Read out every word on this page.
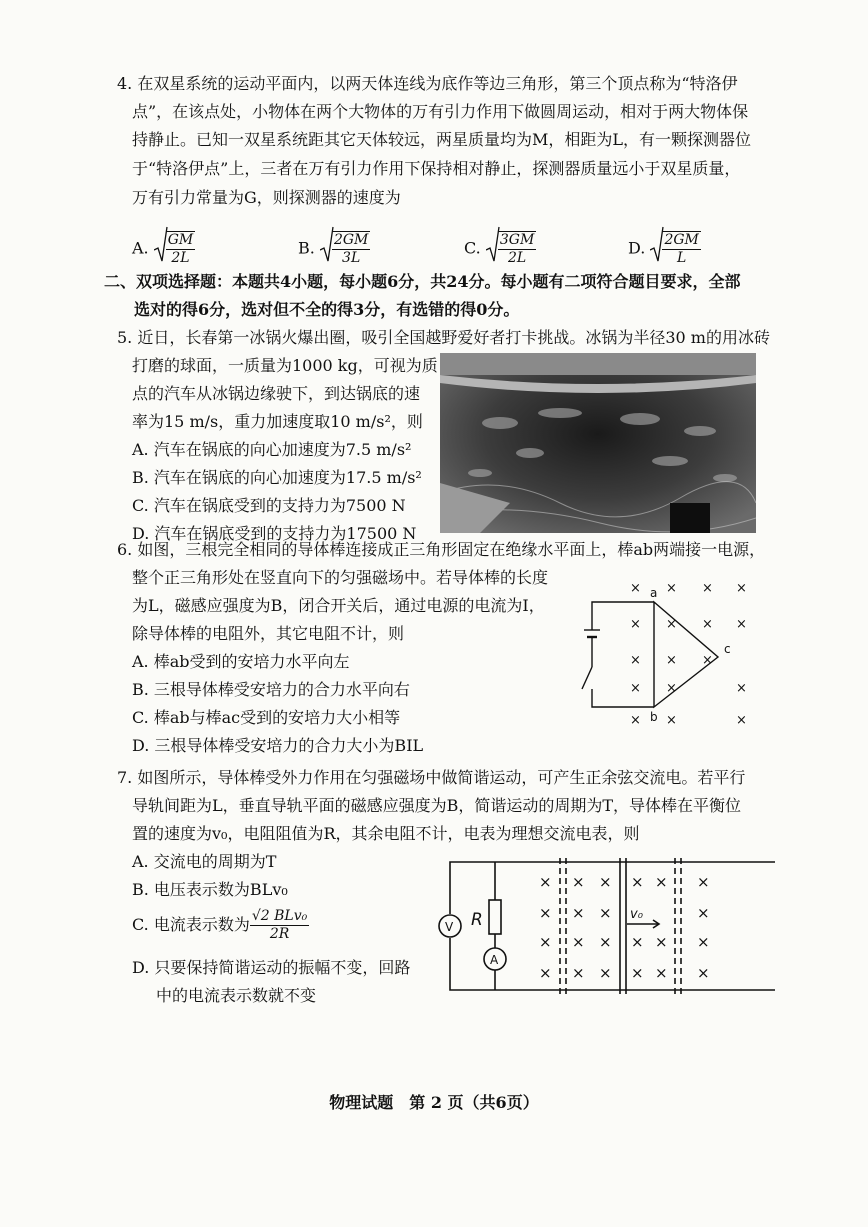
4. 在双星系统的运动平面内，以两天体连线为底作等边三角形，第三个顶点称为“特洛伊
点”，在该点处，小物体在两个大物体的万有引力作用下做圆周运动，相对于两大物体保
持静止。已知一双星系统距其它天体较远，两星质量均为M，相距为L，有一颗探测器位
于“特洛伊点”上，三者在万有引力作用下保持相对静止，探测器质量远小于双星质量，
万有引力常量为G，则探测器的速度为
A. $\frac{GM}{2L}$	B. $\frac{2GM}{3L}$	C. $\frac{3GM}{2L}$	D. $\frac{2GM}{L}$
二、双项选择题：本题共4小题，每小题6分，共24分。每小题有二项符合题目要求，全部
选对的得6分，选对但不全的得3分，有选错的得0分。
5. 近日，长春第一冰锅火爆出圈，吸引全国越野爱好者打卡挑战。冰锅为半径30 m的用冰砖
打磨的球面，一质量为1000 kg，可视为质
点的汽车从冰锅边缘驶下，到达锅底的速
率为15 m/s，重力加速度取10 m/s²，则
A. 汽车在锅底的向心加速度为7.5 m/s²
B. 汽车在锅底的向心加速度为17.5 m/s²
C. 汽车在锅底受到的支持力为7500 N
D. 汽车在锅底受到的支持力为17500 N
6. 如图，三根完全相同的导体棒连接成正三角形固定在绝缘水平面上，棒ab两端接一电源，
整个正三角形处在竖直向下的匀强磁场中。若导体棒的长度
为L，磁感应强度为B，闭合开关后，通过电源的电流为I，
除导体棒的电阻外，其它电阻不计，则
A. 棒ab受到的安培力水平向左
B. 三根导体棒受安培力的合力水平向右
C. 棒ab与棒ac受到的安培力大小相等
D. 三根导体棒受安培力的合力大小为BIL
× × × ×
× × × ×
× × ×
× ×	×
× ×	×
a
b
c
7. 如图所示，导体棒受外力作用在匀强磁场中做简谐运动，可产生正余弦交流电。若平行
导轨间距为L，垂直导轨平面的磁感应强度为B，简谐运动的周期为T，导体棒在平衡位
置的速度为v₀，电阻阻值为R，其余电阻不计，电表为理想交流电表，则
A. 交流电的周期为T
B. 电压表示数为BLv₀
C. 电流表示数为 $\frac{\text{√2 BLv₀}}{2R}$
D. 只要保持简谐运动的振幅不变，回路
中的电流表示数就不变
V
A
R	v₀
× × × × × ×
× × ×	×
× × × × × ×
× × × × × ×
物理试题　第 2 页（共6页）
